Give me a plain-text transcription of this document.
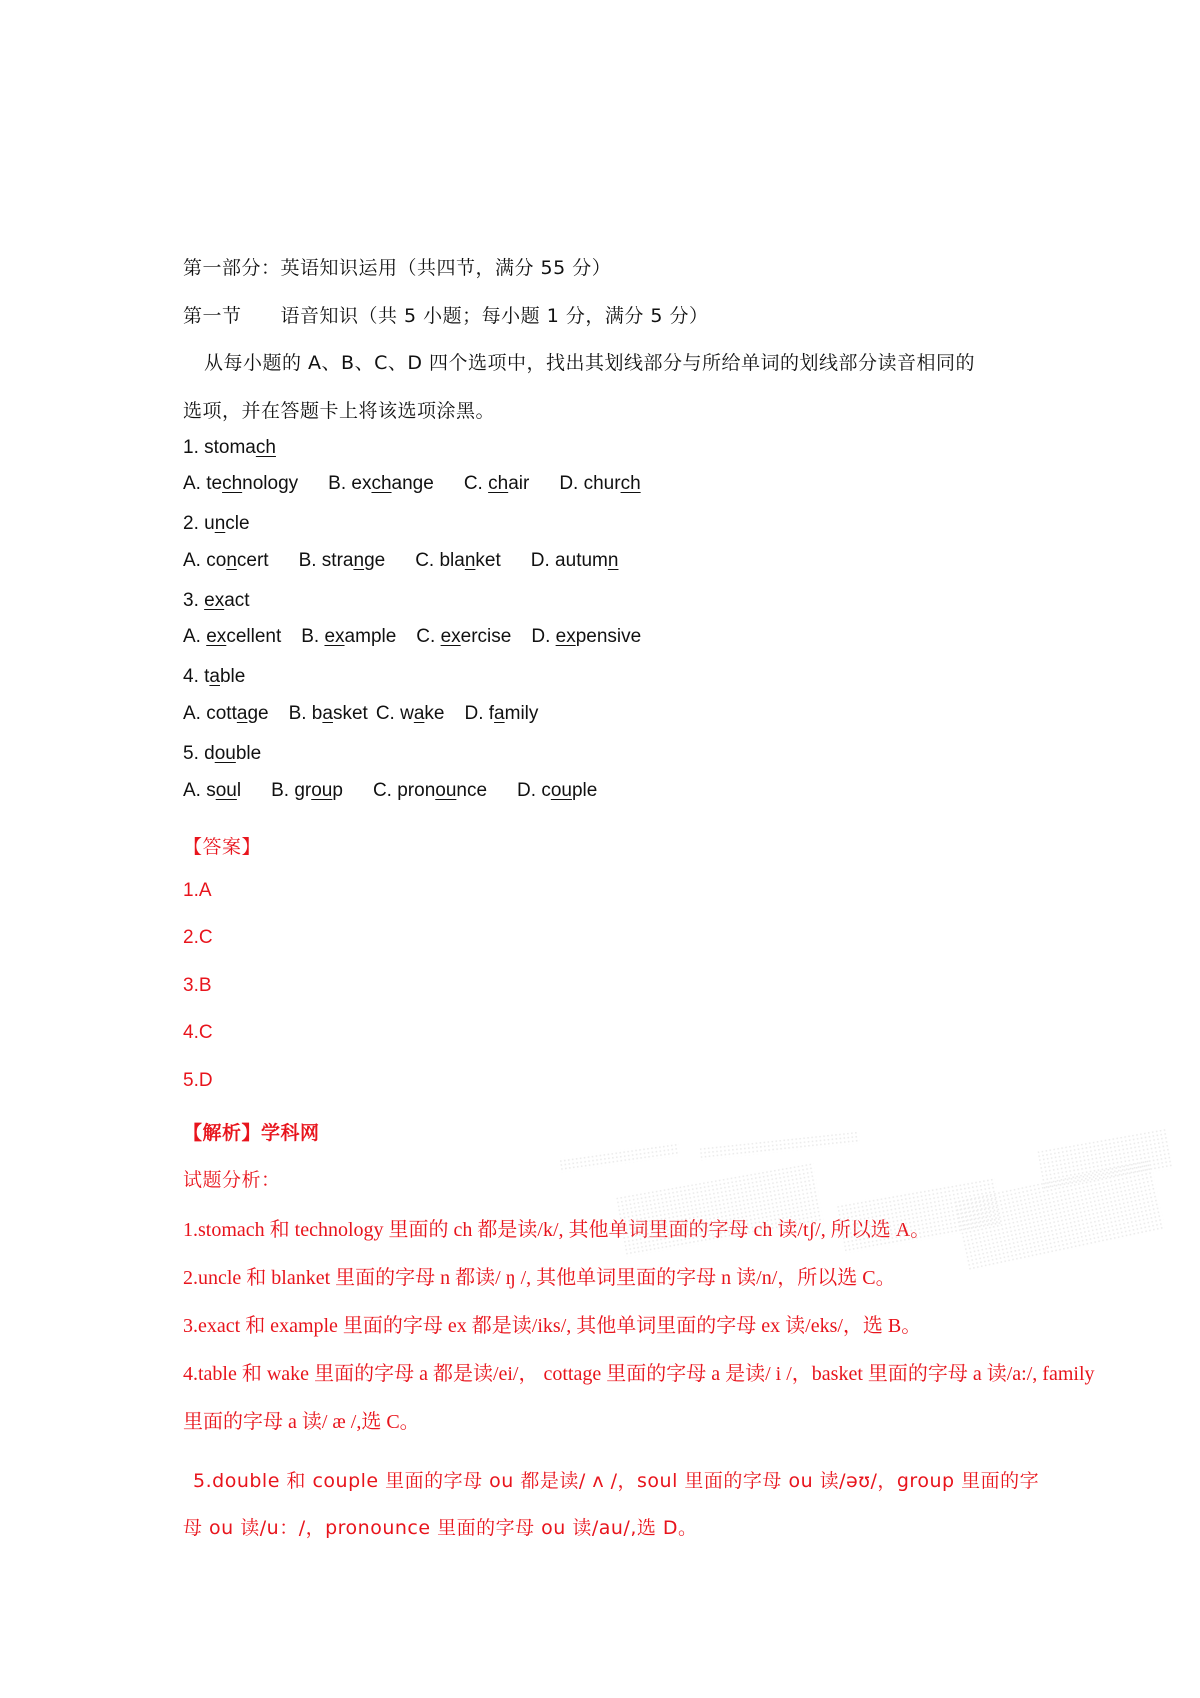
第一部分：英语知识运用（共四节，满分 55 分）
第一节　　语音知识（共 5 小题；每小题 1 分，满分 5 分）
从每小题的 A、B、C、D 四个选项中，找出其划线部分与所给单词的划线部分读音相同的
选项，并在答题卡上将该选项涂黑。
1. stomach
A. technology B. exchange C. chair D. church
2. uncle
A. concert B. strange C. blanket D. autumn
3. exact
A. excellent B. example C. exercise D. expensive
4. table
A. cottage B. basket C. wake D. family
5. double
A. soul B. group C. pronounce D. couple
【答案】
1.A
2.C
3.B
4.C
5.D
【解析】学科网
试题分析：
1.stomach 和 technology 里面的 ch 都是读/k/, 其他单词里面的字母 ch 读/tʃ/, 所以选 A。
2.uncle 和 blanket 里面的字母 n 都读/ ŋ /, 其他单词里面的字母 n 读/n/，所以选 C。
3.exact 和 example 里面的字母 ex 都是读/iks/, 其他单词里面的字母 ex 读/eks/，选 B。
4.table 和 wake 里面的字母 a 都是读/ei/， cottage 里面的字母 a 是读/ i /，basket 里面的字母 a 读/a:/, family
里面的字母 a 读/ æ /,选 C。
5.double 和 couple 里面的字母 ou 都是读/ ʌ /，soul 里面的字母 ou 读/əʊ/，group 里面的字
母 ou 读/u：/，pronounce 里面的字母 ou 读/au/,选 D。
